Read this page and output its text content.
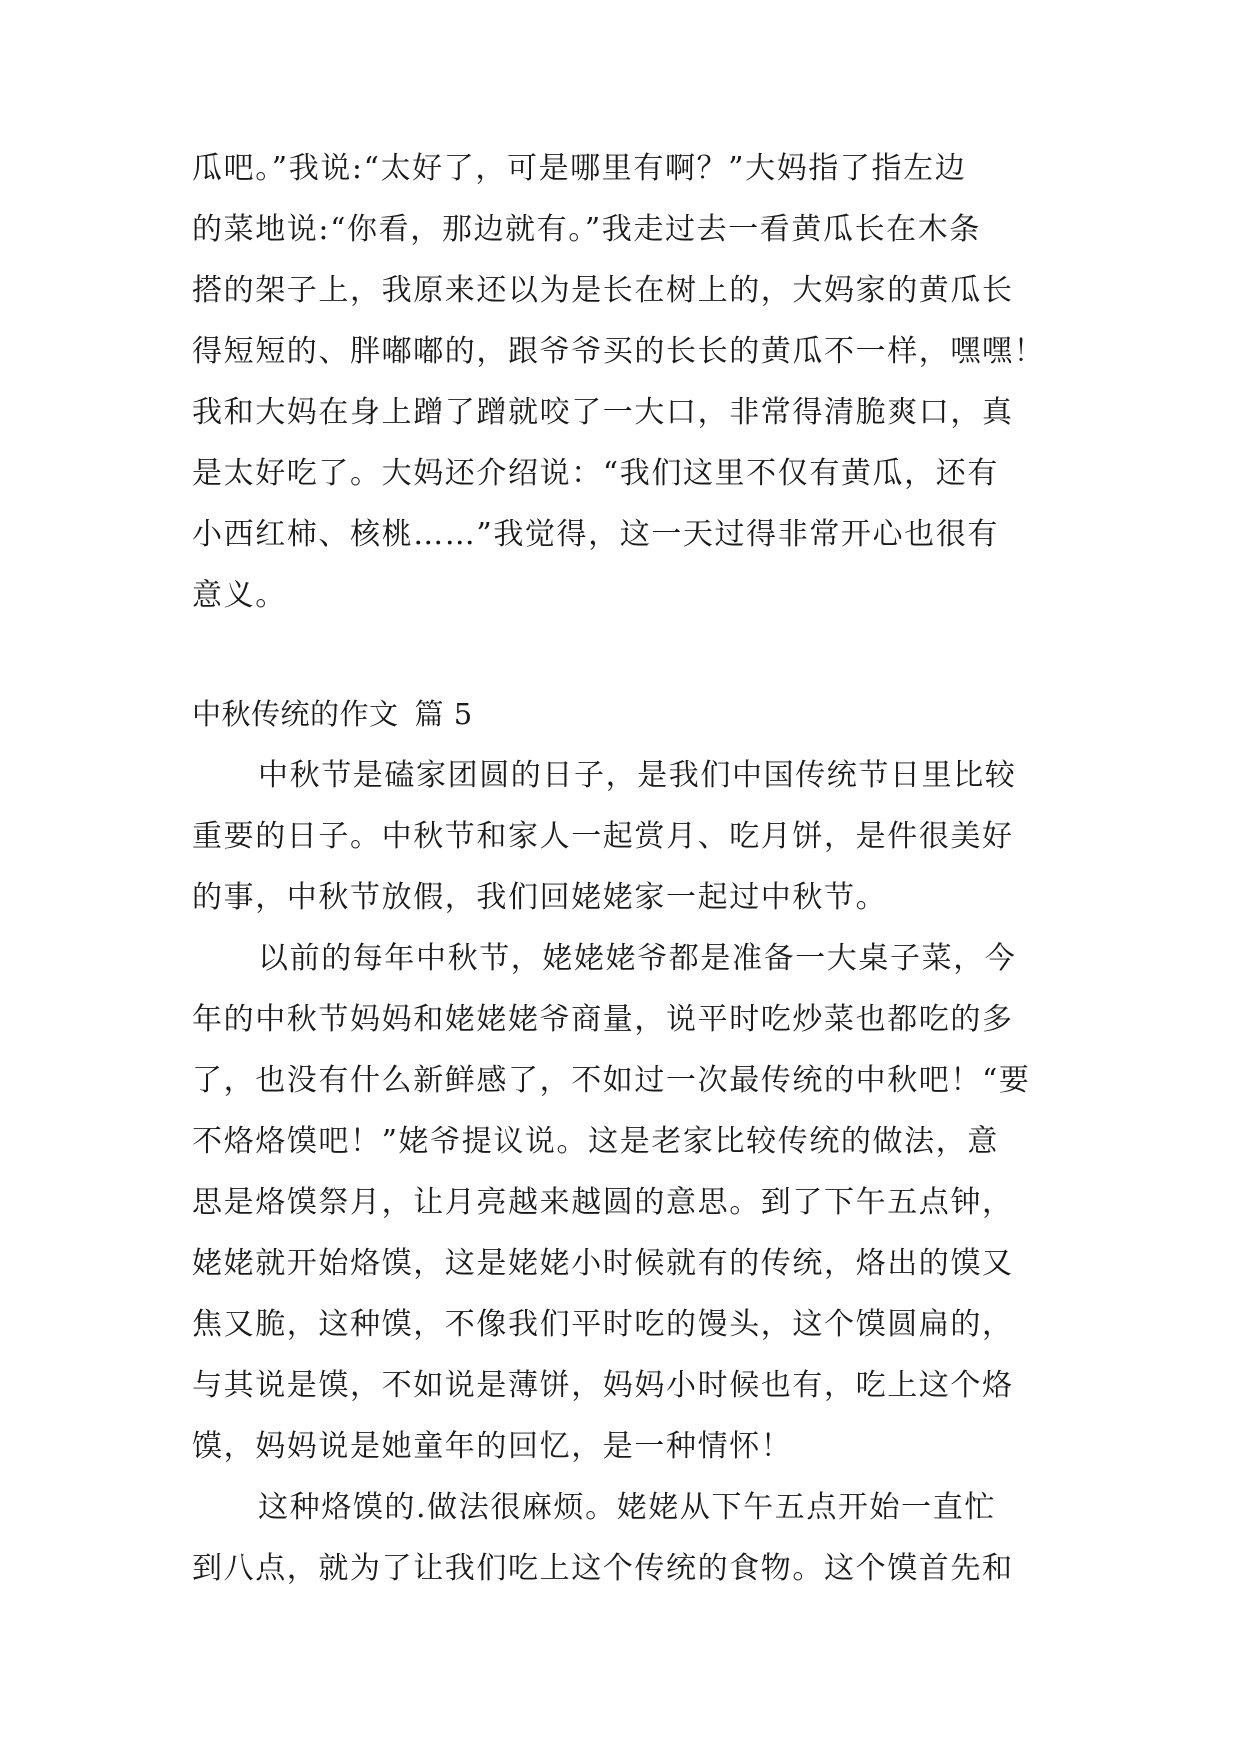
瓜吧。”我说:“太好了，可是哪里有啊？”大妈指了指左边
的菜地说:“你看，那边就有。”我走过去一看黄瓜长在木条
搭的架子上，我原来还以为是长在树上的，大妈家的黄瓜长
得短短的、胖嘟嘟的，跟爷爷买的长长的黄瓜不一样，嘿嘿！
我和大妈在身上蹭了蹭就咬了一大口，非常得清脆爽口，真
是太好吃了。大妈还介绍说：“我们这里不仅有黄瓜，还有
小西红柿、核桃……”我觉得，这一天过得非常开心也很有
意义。
中秋传统的作文 篇 5
中秋节是磕家团圆的日子，是我们中国传统节日里比较
重要的日子。中秋节和家人一起赏月、吃月饼，是件很美好
的事，中秋节放假，我们回姥姥家一起过中秋节。
以前的每年中秋节，姥姥姥爷都是准备一大桌子菜，今
年的中秋节妈妈和姥姥姥爷商量，说平时吃炒菜也都吃的多
了，也没有什么新鲜感了，不如过一次最传统的中秋吧！“要
不烙烙馍吧！”姥爷提议说。这是老家比较传统的做法，意
思是烙馍祭月，让月亮越来越圆的意思。到了下午五点钟，
姥姥就开始烙馍，这是姥姥小时候就有的传统，烙出的馍又
焦又脆，这种馍，不像我们平时吃的馒头，这个馍圆扁的，
与其说是馍，不如说是薄饼，妈妈小时候也有，吃上这个烙
馍，妈妈说是她童年的回忆，是一种情怀！
这种烙馍的.做法很麻烦。姥姥从下午五点开始一直忙
到八点，就为了让我们吃上这个传统的食物。这个馍首先和
